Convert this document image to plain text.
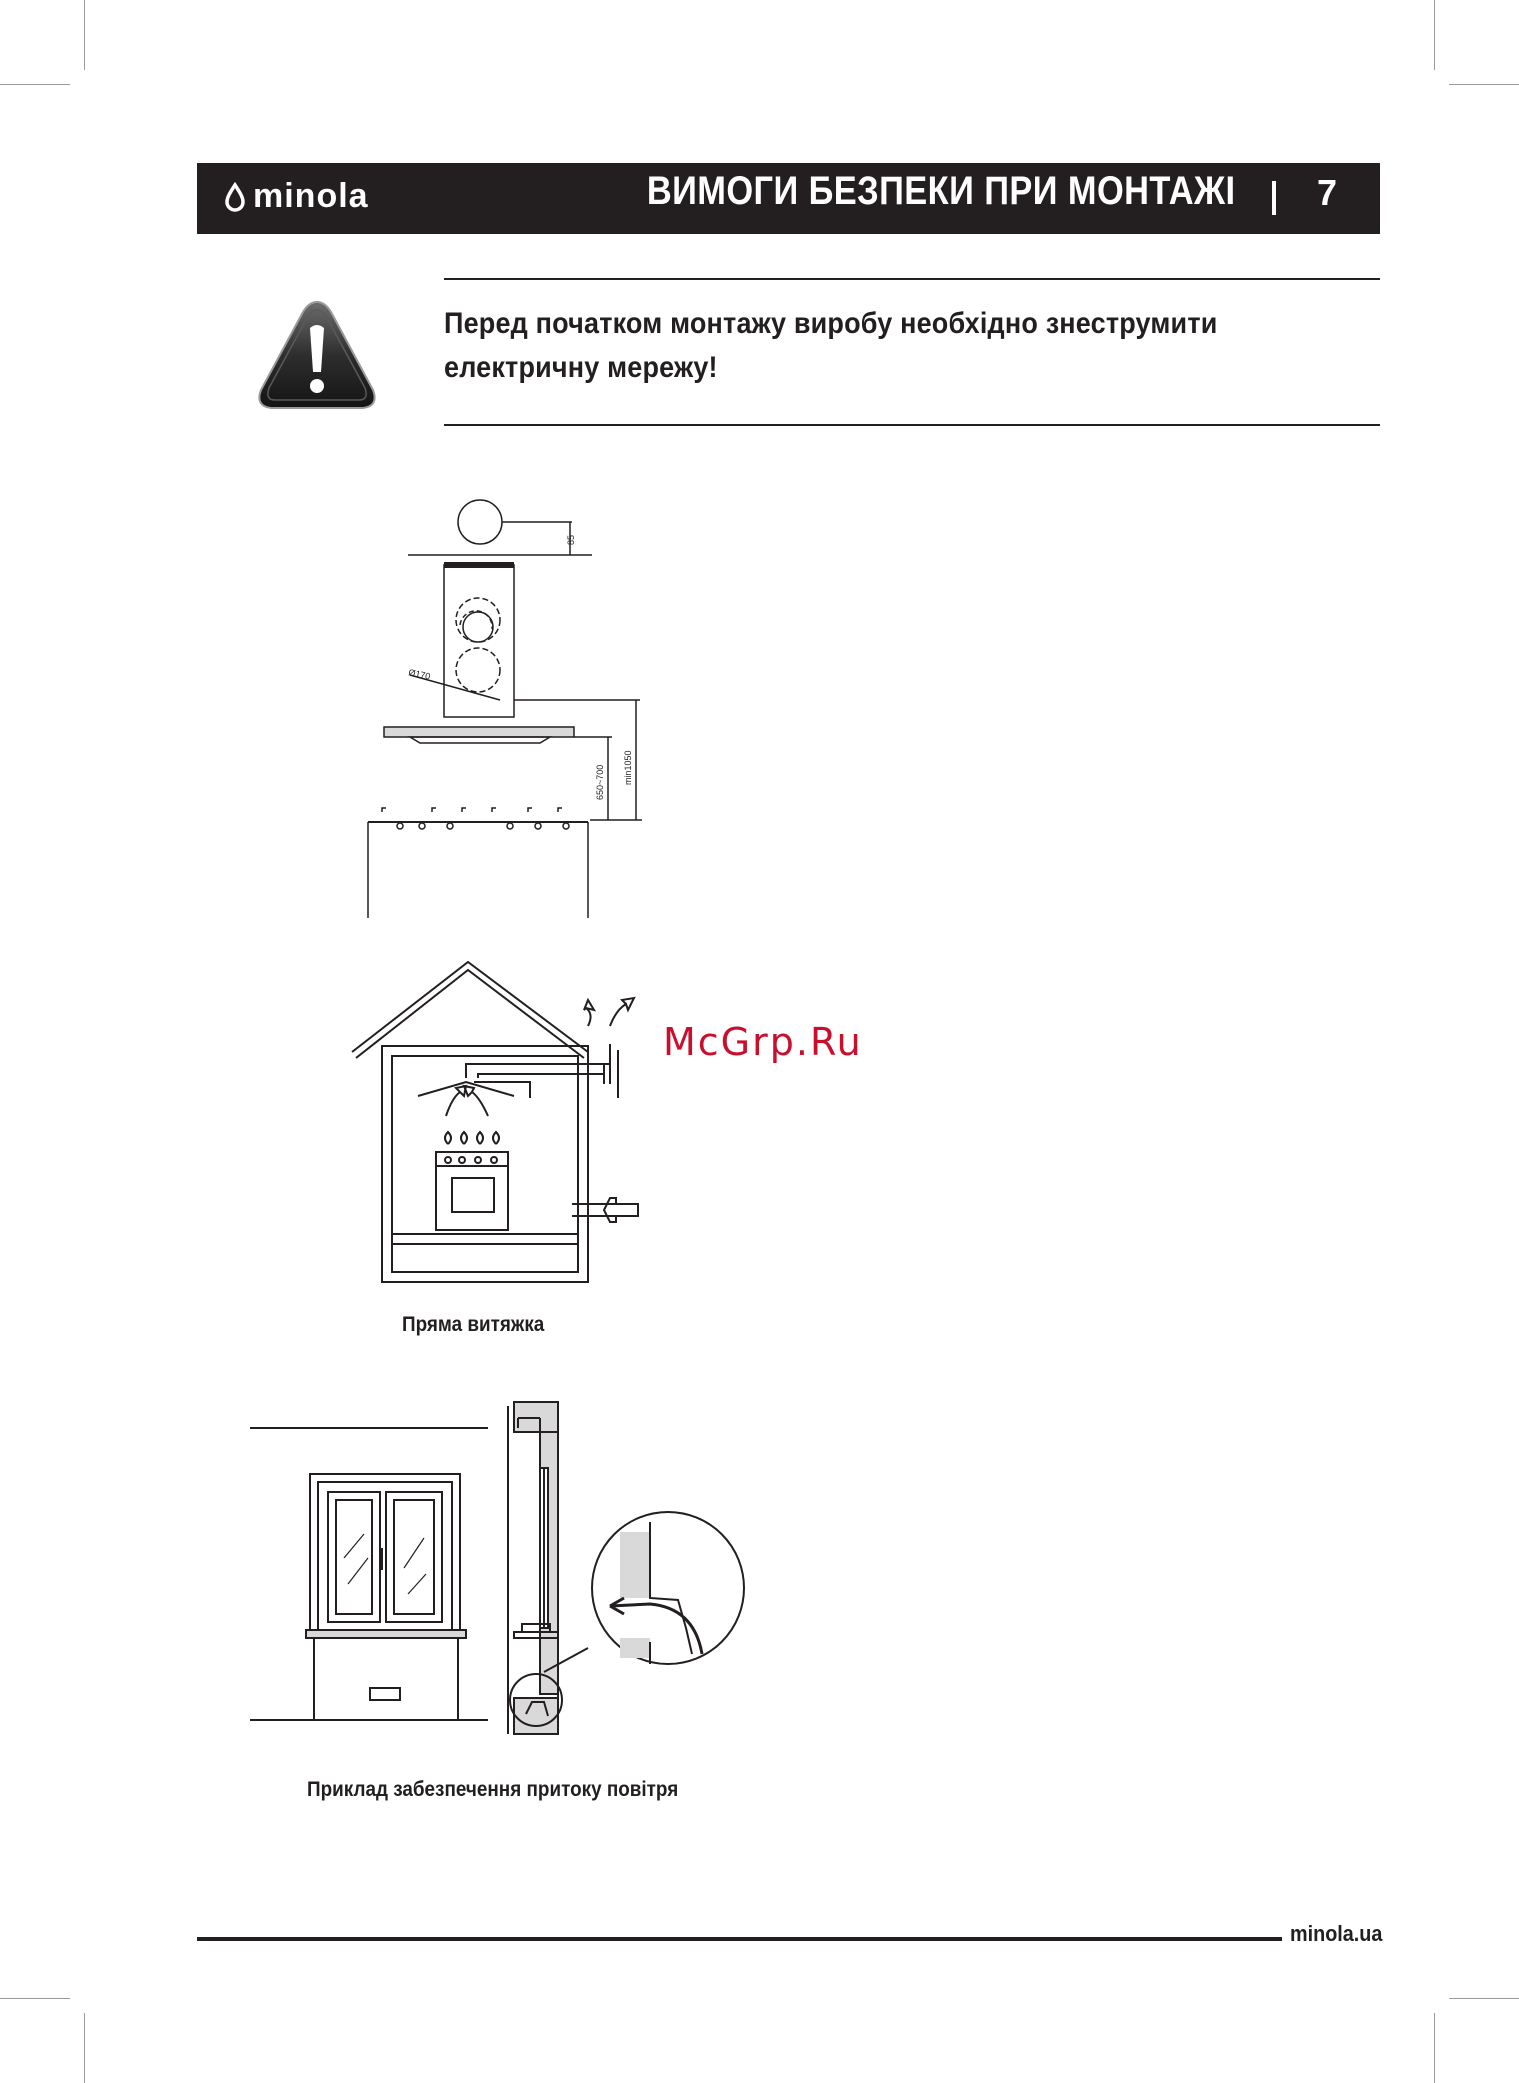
minola	ВИМОГИ БЕЗПЕКИ ПРИ МОНТАЖІ 7
Перед початком монтажу виробу необхідно знеструмити електричну мережу!
85
Ø170
650~700 min1050
Пряма витяжка
McGrp.Ru
Приклад забезпечення притоку повітря
minola.ua
